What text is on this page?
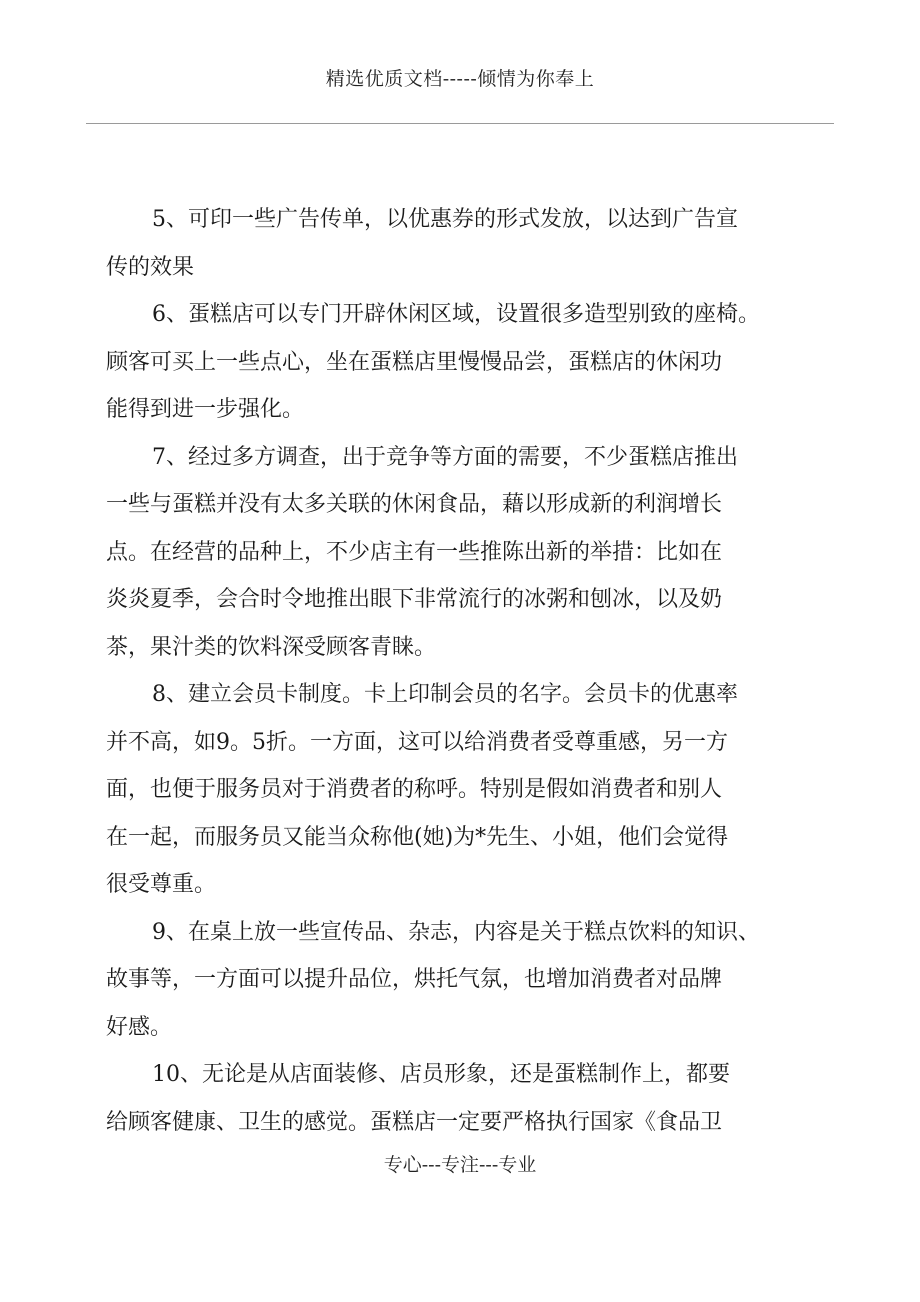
精选优质文档-----倾情为你奉上
5、可印一些广告传单，以优惠券的形式发放，以达到广告宣
传的效果
6、蛋糕店可以专门开辟休闲区域，设置很多造型别致的座椅。
顾客可买上一些点心，坐在蛋糕店里慢慢品尝，蛋糕店的休闲功
能得到进一步强化。
7、经过多方调查，出于竞争等方面的需要，不少蛋糕店推出
一些与蛋糕并没有太多关联的休闲食品，藉以形成新的利润增长
点。在经营的品种上，不少店主有一些推陈出新的举措：比如在
炎炎夏季，会合时令地推出眼下非常流行的冰粥和刨冰，以及奶
茶，果汁类的饮料深受顾客青睐。
8、建立会员卡制度。卡上印制会员的名字。会员卡的优惠率
并不高，如9。5折。一方面，这可以给消费者受尊重感，另一方
面，也便于服务员对于消费者的称呼。特别是假如消费者和别人
在一起，而服务员又能当众称他(她)为*先生、小姐，他们会觉得
很受尊重。
9、在桌上放一些宣传品、杂志，内容是关于糕点饮料的知识、
故事等，一方面可以提升品位，烘托气氛，也增加消费者对品牌
好感。
10、无论是从店面装修、店员形象，还是蛋糕制作上，都要
给顾客健康、卫生的感觉。蛋糕店一定要严格执行国家《食品卫
专心---专注---专业
